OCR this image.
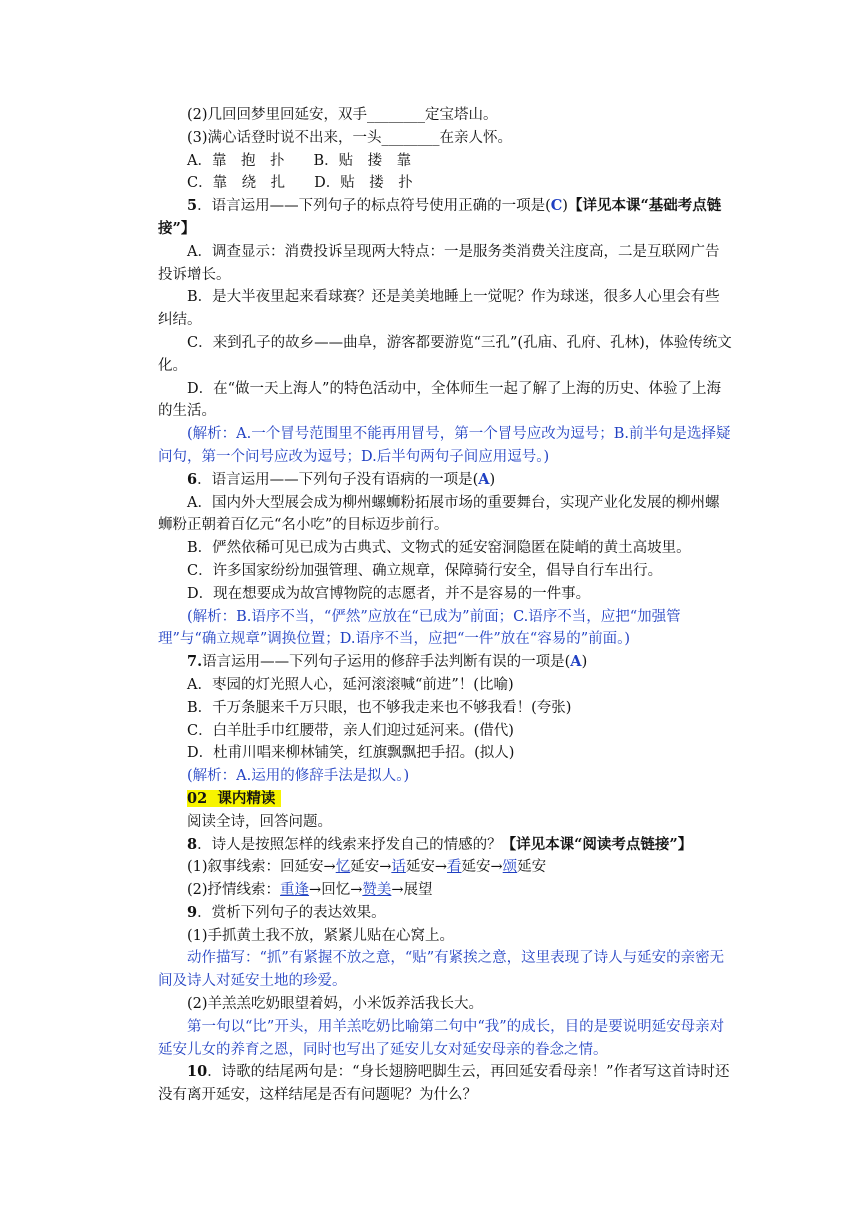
(2)几回回梦里回延安，双手________定宝塔山。

(3)满心话登时说不出来，一头________在亲人怀。

A．靠　抱　扑　　B．贴　搂　靠

C．靠　绕　扎　　D．贴　搂　扑

5．语言运用——下列句子的标点符号使用正确的一项是(C)【详见本课“基础考点链接”】

A．调查显示：消费投诉呈现两大特点：一是服务类消费关注度高，二是互联网广告投诉增长。

B．是大半夜里起来看球赛？还是美美地睡上一觉呢？作为球迷，很多人心里会有些纠结。

C．来到孔子的故乡——曲阜，游客都要游览“三孔”(孔庙、孔府、孔林)，体验传统文化。

D．在“做一天上海人”的特色活动中，全体师生一起了解了上海的历史、体验了上海的生活。

(解析：A.一个冒号范围里不能再用冒号，第一个冒号应改为逗号；B.前半句是选择疑问句，第一个问号应改为逗号；D.后半句两句子间应用逗号。)

6．语言运用——下列句子没有语病的一项是(A)

A．国内外大型展会成为柳州螺蛳粉拓展市场的重要舞台，实现产业化发展的柳州螺蛳粉正朝着百亿元“名小吃”的目标迈步前行。

B．俨然依稀可见已成为古典式、文物式的延安窑洞隐匿在陡峭的黄土高坡里。

C．许多国家纷纷加强管理、确立规章，保障骑行安全，倡导自行车出行。

D．现在想要成为故宫博物院的志愿者，并不是容易的一件事。

(解析：B.语序不当，“俨然”应放在“已成为”前面；C.语序不当，应把“加强管理”与“确立规章”调换位置；D.语序不当，应把“一件”放在“容易的”前面。)

7.语言运用——下列句子运用的修辞手法判断有误的一项是(A)

A．枣园的灯光照人心，延河滚滚喊“前进”！(比喻)

B．千万条腿来千万只眼，也不够我走来也不够我看！(夸张)

C．白羊肚手巾红腰带，亲人们迎过延河来。(借代)

D．杜甫川唱来柳林铺笑，红旗飘飘把手招。(拟人)

(解析：A.运用的修辞手法是拟人。)

02 课内精读

阅读全诗，回答问题。

8．诗人是按照怎样的线索来抒发自己的情感的？【详见本课“阅读考点链接”】

(1)叙事线索：回延安→忆延安→话延安→看延安→颂延安

(2)抒情线索：重逢→回忆→赞美→展望

9．赏析下列句子的表达效果。

(1)手抓黄土我不放，紧紧儿贴在心窝上。

动作描写：“抓”有紧握不放之意，“贴”有紧挨之意，这里表现了诗人与延安的亲密无间及诗人对延安土地的珍爱。

(2)羊羔羔吃奶眼望着妈，小米饭养活我长大。

第一句以“比”开头，用羊羔吃奶比喻第二句中“我”的成长，目的是要说明延安母亲对延安儿女的养育之恩，同时也写出了延安儿女对延安母亲的眷念之情。

10．诗歌的结尾两句是：“身长翅膀吧脚生云，再回延安看母亲！”作者写这首诗时还没有离开延安，这样结尾是否有问题呢？为什么？
